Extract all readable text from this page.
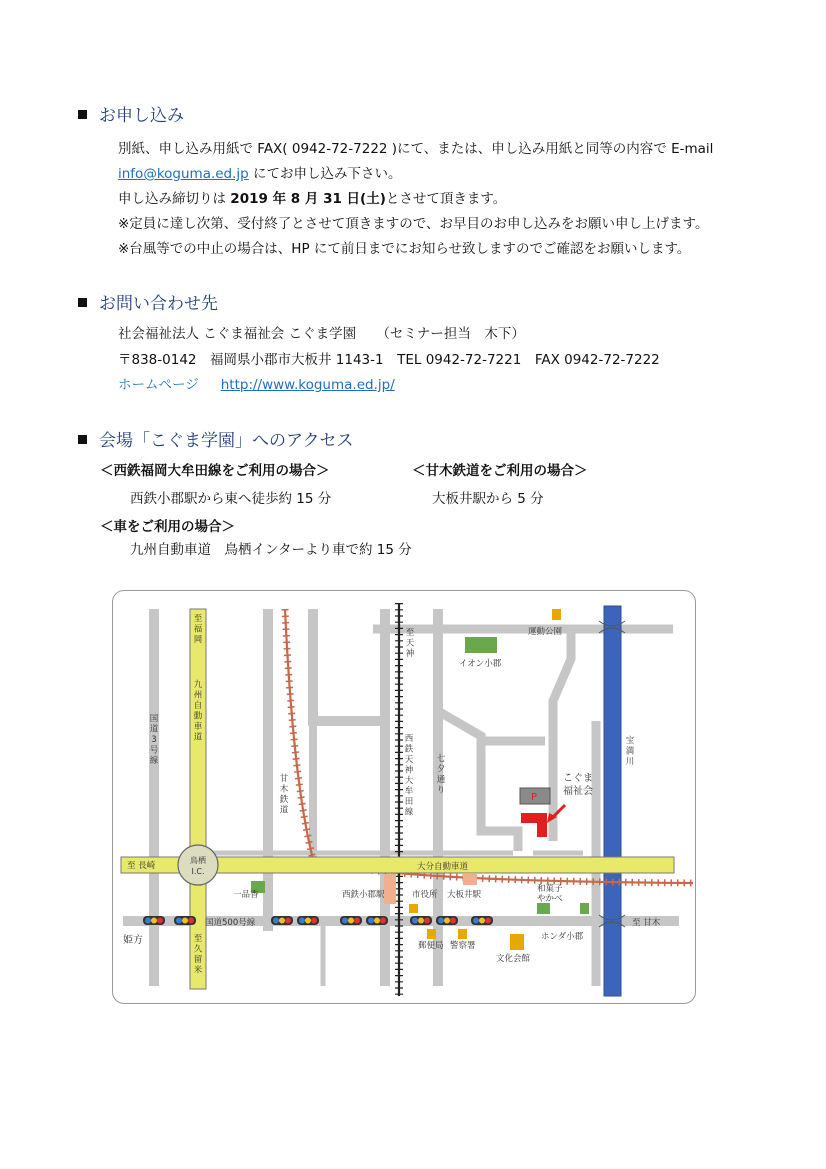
お申し込み
別紙、申し込み用紙で FAX( 0942-72-7222 )にて、または、申し込み用紙と同等の内容で E-mail
info@koguma.ed.jp にてお申し込み下さい。
申し込み締切りは 2019 年 8 月 31 日(土)とさせて頂きます。
※定員に達し次第、受付終了とさせて頂きますので、お早目のお申し込みをお願い申し上げます。
※台風等での中止の場合は、HP にて前日までにお知らせ致しますのでご確認をお願いします。
お問い合わせ先
社会福祉法人 こぐま福祉会 こぐま学園　　（セミナー担当　木下）
〒838-0142　福岡県小郡市大板井 1143-1　TEL 0942-72-7221　FAX 0942-72-7222
ホームページ http://www.koguma.ed.jp/
会場「こぐま学園」へのアクセス
＜西鉄福岡大牟田線をご利用の場合＞	＜甘木鉄道をご利用の場合＞
西鉄小郡駅から東へ徒歩約 15 分	大板井駅から 5 分
＜車をご利用の場合＞
九州自動車道　鳥栖インターより車で約 15 分
至福岡
九州自動車道
国道 3 号線
甘木鉄道
至天神
西鉄天神大牟田線
七夕通り
イオン小郡
運動公園
宝満川
こぐま福祉会
P
至 長崎
鳥栖 I.C.	大分自動車道
一品香	西鉄小郡駅	市役所 大板井駅
和菓子やかべ
国道500号線	至 甘木
姫方	至久留米
郵便局 警察署
文化会館
ホンダ小郡
